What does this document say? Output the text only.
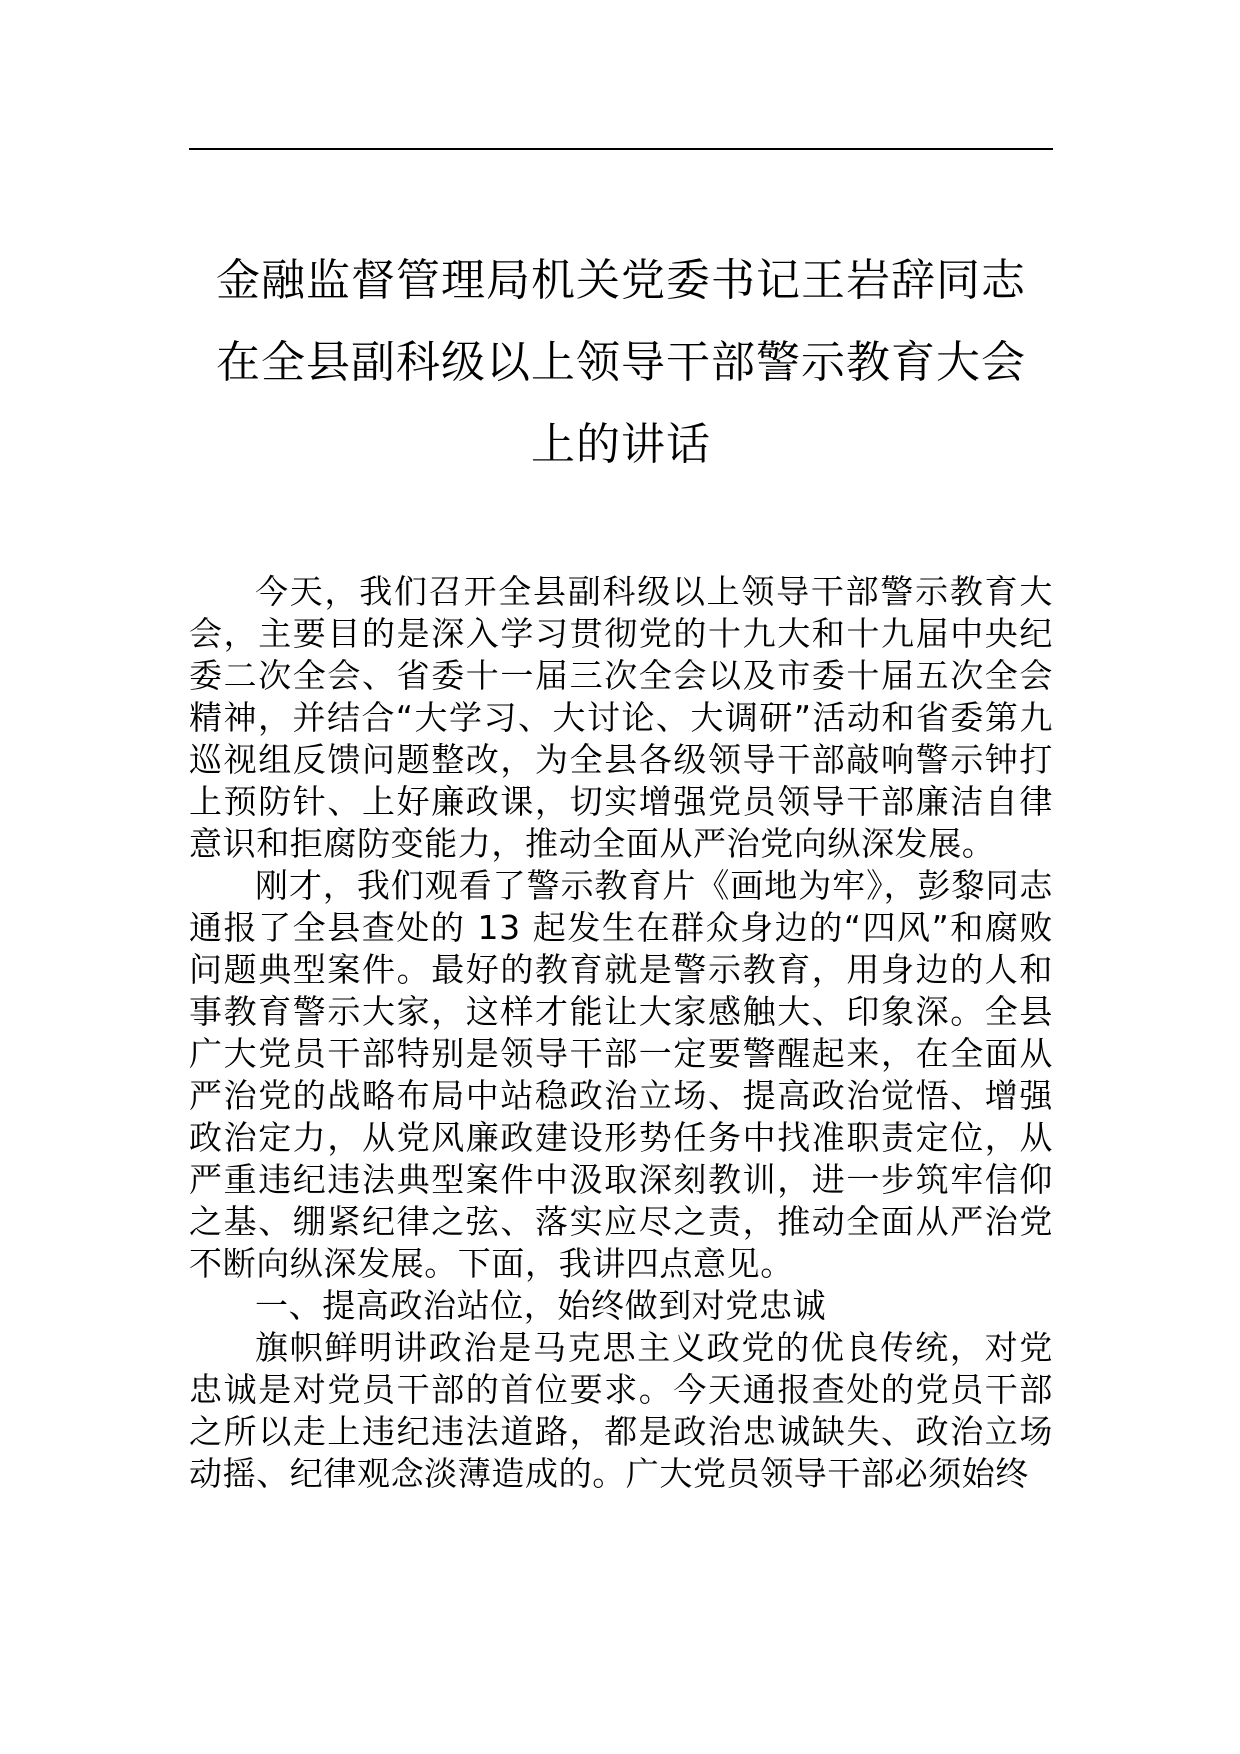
金融监督管理局机关党委书记王岩辞同志
在全县副科级以上领导干部警示教育大会
上的讲话

今天，我们召开全县副科级以上领导干部警示教育大会，主要目的是深入学习贯彻党的十九大和十九届中央纪委二次全会、省委十一届三次全会以及市委十届五次全会精神，并结合“大学习、大讨论、大调研”活动和省委第九巡视组反馈问题整改，为全县各级领导干部敲响警示钟打上预防针、上好廉政课，切实增强党员领导干部廉洁自律意识和拒腐防变能力，推动全面从严治党向纵深发展。

刚才，我们观看了警示教育片《画地为牢》，彭黎同志通报了全县查处的 13 起发生在群众身边的“四风”和腐败问题典型案件。最好的教育就是警示教育，用身边的人和事教育警示大家，这样才能让大家感触大、印象深。全县广大党员干部特别是领导干部一定要警醒起来，在全面从严治党的战略布局中站稳政治立场、提高政治觉悟、增强政治定力，从党风廉政建设形势任务中找准职责定位，从严重违纪违法典型案件中汲取深刻教训，进一步筑牢信仰之基、绷紧纪律之弦、落实应尽之责，推动全面从严治党不断向纵深发展。下面，我讲四点意见。

一、提高政治站位，始终做到对党忠诚

旗帜鲜明讲政治是马克思主义政党的优良传统，对党忠诚是对党员干部的首位要求。今天通报查处的党员干部之所以走上违纪违法道路，都是政治忠诚缺失、政治立场动摇、纪律观念淡薄造成的。广大党员领导干部必须始终
